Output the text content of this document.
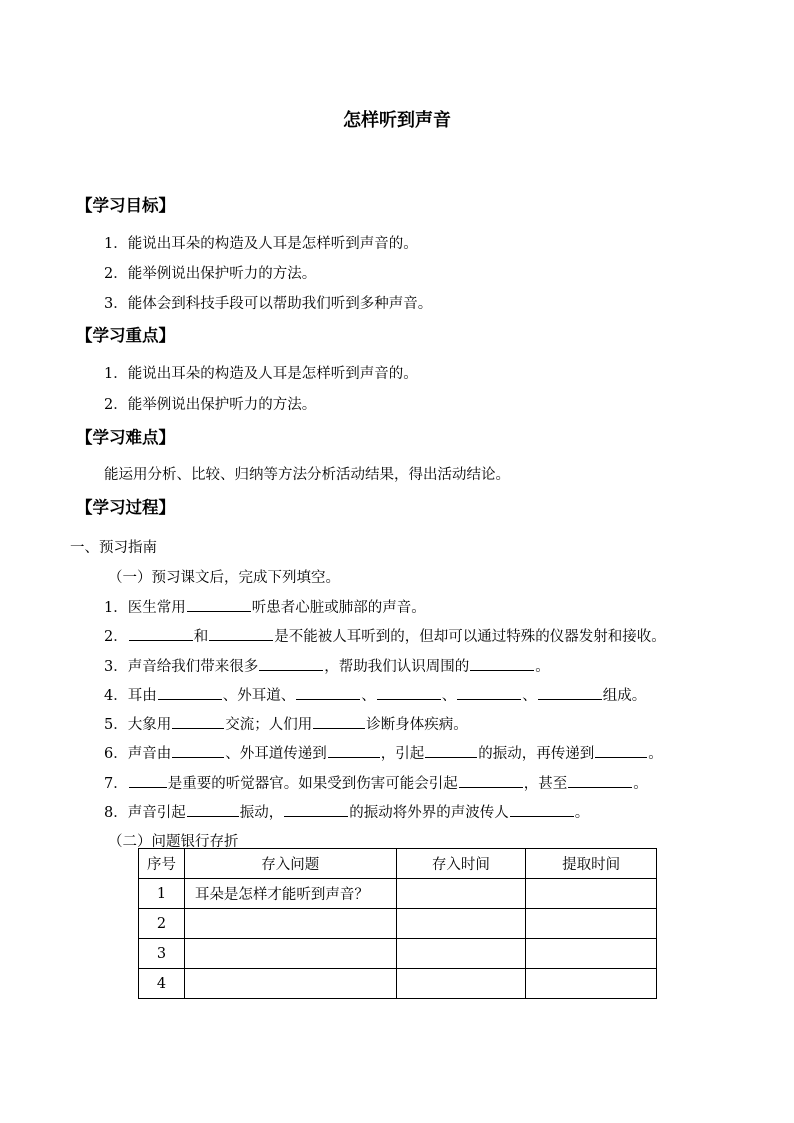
怎样听到声音
【学习目标】
1．能说出耳朵的构造及人耳是怎样听到声音的。
2．能举例说出保护听力的方法。
3．能体会到科技手段可以帮助我们听到多种声音。
【学习重点】
1．能说出耳朵的构造及人耳是怎样听到声音的。
2．能举例说出保护听力的方法。
【学习难点】
能运用分析、比较、归纳等方法分析活动结果，得出活动结论。
【学习过程】
一、预习指南
（一）预习课文后，完成下列填空。
1．医生常用	听患者心脏或肺部的声音。
2．	和	是不能被人耳听到的，但却可以通过特殊的仪器发射和接收。
3．声音给我们带来很多	，帮助我们认识周围的	。
4．耳由	、外耳道、	、	、	、	组成。
5．大象用	交流；人们用	诊断身体疾病。
6．声音由	、外耳道传递到	，引起	的振动，再传递到	。
7．	是重要的听觉器官。如果受到伤害可能会引起	，甚至	。
8．声音引起	振动，	的振动将外界的声波传人	。
（二）问题银行存折
序号	存入问题	存入时间	提取时间
1	耳朵是怎样才能听到声音？		
2			
3			
4			
